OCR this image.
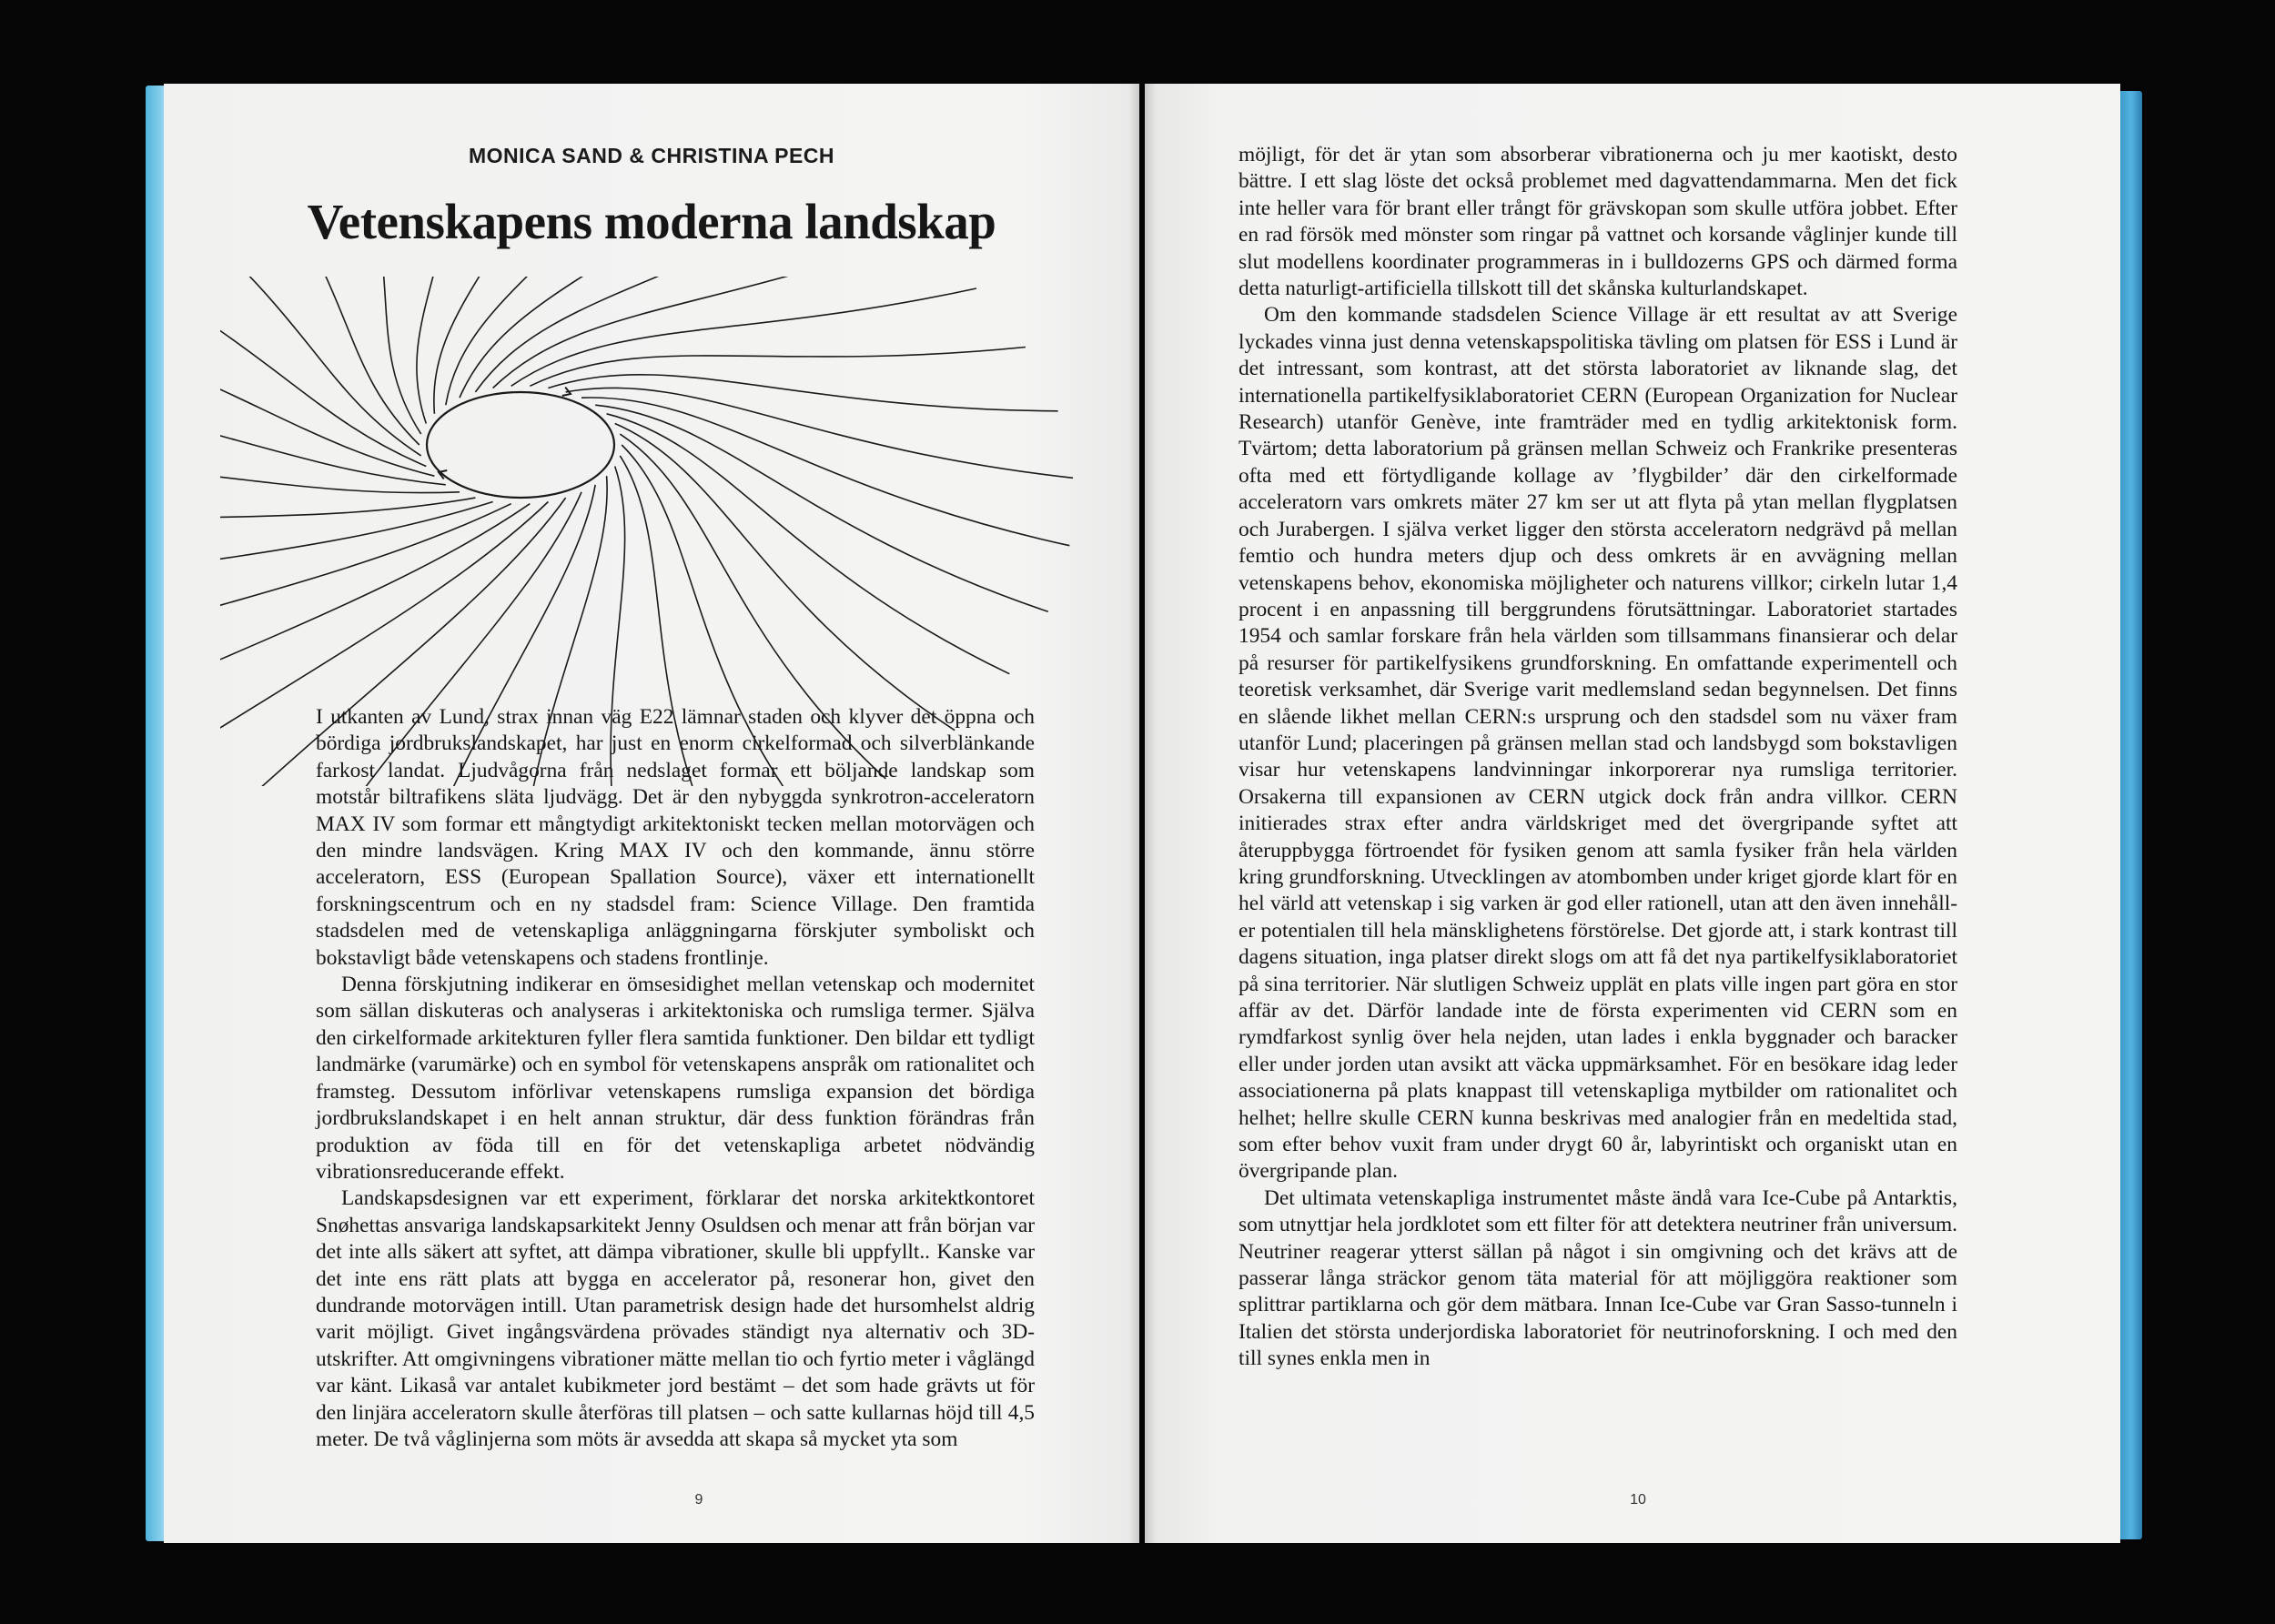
MONICA SAND & CHRISTINA PECH
Vetenskapens moderna landskap

I utkanten av Lund, strax innan väg E22 lämnar staden och klyver det öppna och bördiga jordbrukslandskapet, har just en enorm cirkelformad och silverblänkande farkost landat. Ljudvågorna från nedslaget formar ett böljande landskap som motstår biltrafikens släta ljudvägg. Det är den nybyggda synkrotron-acceleratorn MAX IV som formar ett mångtydigt arkitektoniskt tecken mellan motorvägen och den mindre landsvägen. Kring MAX IV och den kommande, ännu större acceleratorn, ESS (European Spallation Source), växer ett internationellt forskningscentrum och en ny stadsdel fram: Science Village. Den framtida stadsdelen med de vetenskapliga anläggningarna förskjuter symboliskt och bokstavligt både vetenskapens och stadens frontlinje.

Denna förskjutning indikerar en ömsesidighet mellan vetenskap och modernitet som sällan diskuteras och analyseras i arkitektoniska och rumsliga termer. Själva den cirkelformade arkitekturen fyller flera samtida funktioner. Den bildar ett tydligt landmärke (varumärke) och en symbol för vetenskapens anspråk om rationalitet och framsteg. Dessutom införlivar vetenskapens rumsliga expansion det bördiga jordbrukslandskapet i en helt annan struktur, där dess funktion förändras från produktion av föda till en för det vetenskapliga arbetet nödvändig vibrationsreducerande effekt.

Landskapsdesignen var ett experiment, förklarar det norska arkitektkontoret Snøhettas ansvariga landskapsarkitekt Jenny Osuldsen och menar att från början var det inte alls säkert att syftet, att dämpa vibrationer, skulle bli uppfyllt.. Kanske var det inte ens rätt plats att bygga en accelerator på, resonerar hon, givet den dundrande motorvägen intill. Utan parametrisk design hade det hursomhelst aldrig varit möjligt. Givet ingångsvärdena prövades ständigt nya alternativ och 3D-utskrifter. Att omgivningens vibrationer mätte mellan tio och fyrtio meter i våglängd var känt. Likaså var antalet kubikmeter jord bestämt – det som hade grävts ut för den linjära acceleratorn skulle återföras till platsen – och satte kullarnas höjd till 4,5 meter. De två våglinjerna som möts är avsedda att skapa så mycket yta som

9

möjligt, för det är ytan som absorberar vibrationerna och ju mer kaotiskt, desto bättre. I ett slag löste det också problemet med dagvattendammarna. Men det fick inte heller vara för brant eller trångt för grävskopan som skulle utföra jobbet. Efter en rad försök med mönster som ringar på vattnet och korsande våglinjer kunde till slut modellens koordinater programmeras in i bulldozerns GPS och därmed forma detta naturligt-artificiella tillskott till det skånska kulturlandskapet.

Om den kommande stadsdelen Science Village är ett resultat av att Sverige lyckades vinna just denna vetenskapspolitiska tävling om platsen för ESS i Lund är det intressant, som kontrast, att det största laboratoriet av liknande slag, det internationella partikelfysiklaboratoriet CERN (European Organization for Nuclear Research) utanför Genève, inte framträder med en tydlig arkitektonisk form. Tvärtom; detta laboratorium på gränsen mellan Schweiz och Frankrike presenteras ofta med ett förtydligande kollage av ’flygbilder’ där den cirkelformade acceleratorn vars omkrets mäter 27 km ser ut att flyta på ytan mellan flygplatsen och Jurabergen. I själva verket ligger den största acceleratorn nedgrävd på mellan femtio och hundra meters djup och dess omkrets är en avvägning mellan vetenskapens behov, ekonomiska möjligheter och naturens villkor; cirkeln lutar 1,4 procent i en anpassning till berggrundens förutsättningar. Laboratoriet startades 1954 och samlar forskare från hela världen som tillsammans finansierar och delar på resurser för partikelfysikens grundforskning. En omfattande experimentell och teoretisk verksamhet, där Sverige varit medlemsland sedan begynnelsen. Det finns en slående likhet mellan CERN:s ursprung och den stadsdel som nu växer fram utanför Lund; placeringen på gränsen mellan stad och landsbygd som bokstavligen visar hur vetenskapens landvinningar inkorporerar nya rumsliga territorier. Orsakerna till expansionen av CERN utgick dock från andra villkor. CERN initierades strax efter andra världskriget med det övergripande syftet att återuppbygga förtroendet för fysiken genom att samla fysiker från hela världen kring grundforskning. Utvecklingen av atombomben under kriget gjorde klart för en hel värld att vetenskap i sig varken är god eller rationell, utan att den även innehåller potentialen till hela mänsklighetens förstörelse. Det gjorde att, i stark kontrast till dagens situation, inga platser direkt slogs om att få det nya partikelfysiklaboratoriet på sina territorier. När slutligen Schweiz upplät en plats ville ingen part göra en stor affär av det. Därför landade inte de första experimenten vid CERN som en rymdfarkost synlig över hela nejden, utan lades i enkla byggnader och baracker eller under jorden utan avsikt att väcka uppmärksamhet. För en besökare idag leder associationerna på plats knappast till vetenskapliga mytbilder om rationalitet och helhet; hellre skulle CERN kunna beskrivas med analogier från en medeltida stad, som efter behov vuxit fram under drygt 60 år, labyrintiskt och organiskt utan en övergripande plan.

Det ultimata vetenskapliga instrumentet måste ändå vara Ice-Cube på Antarktis, som utnyttjar hela jordklotet som ett filter för att detektera neutriner från universum. Neutriner reagerar ytterst sällan på något i sin omgivning och det krävs att de passerar långa sträckor genom täta material för att möjliggöra reaktioner som splittrar partiklarna och gör dem mätbara. Innan Ice-Cube var Gran Sasso-tunneln i Italien det största underjordiska laboratoriet för neutrinoforskning. I och med den till synes enkla men in

10
